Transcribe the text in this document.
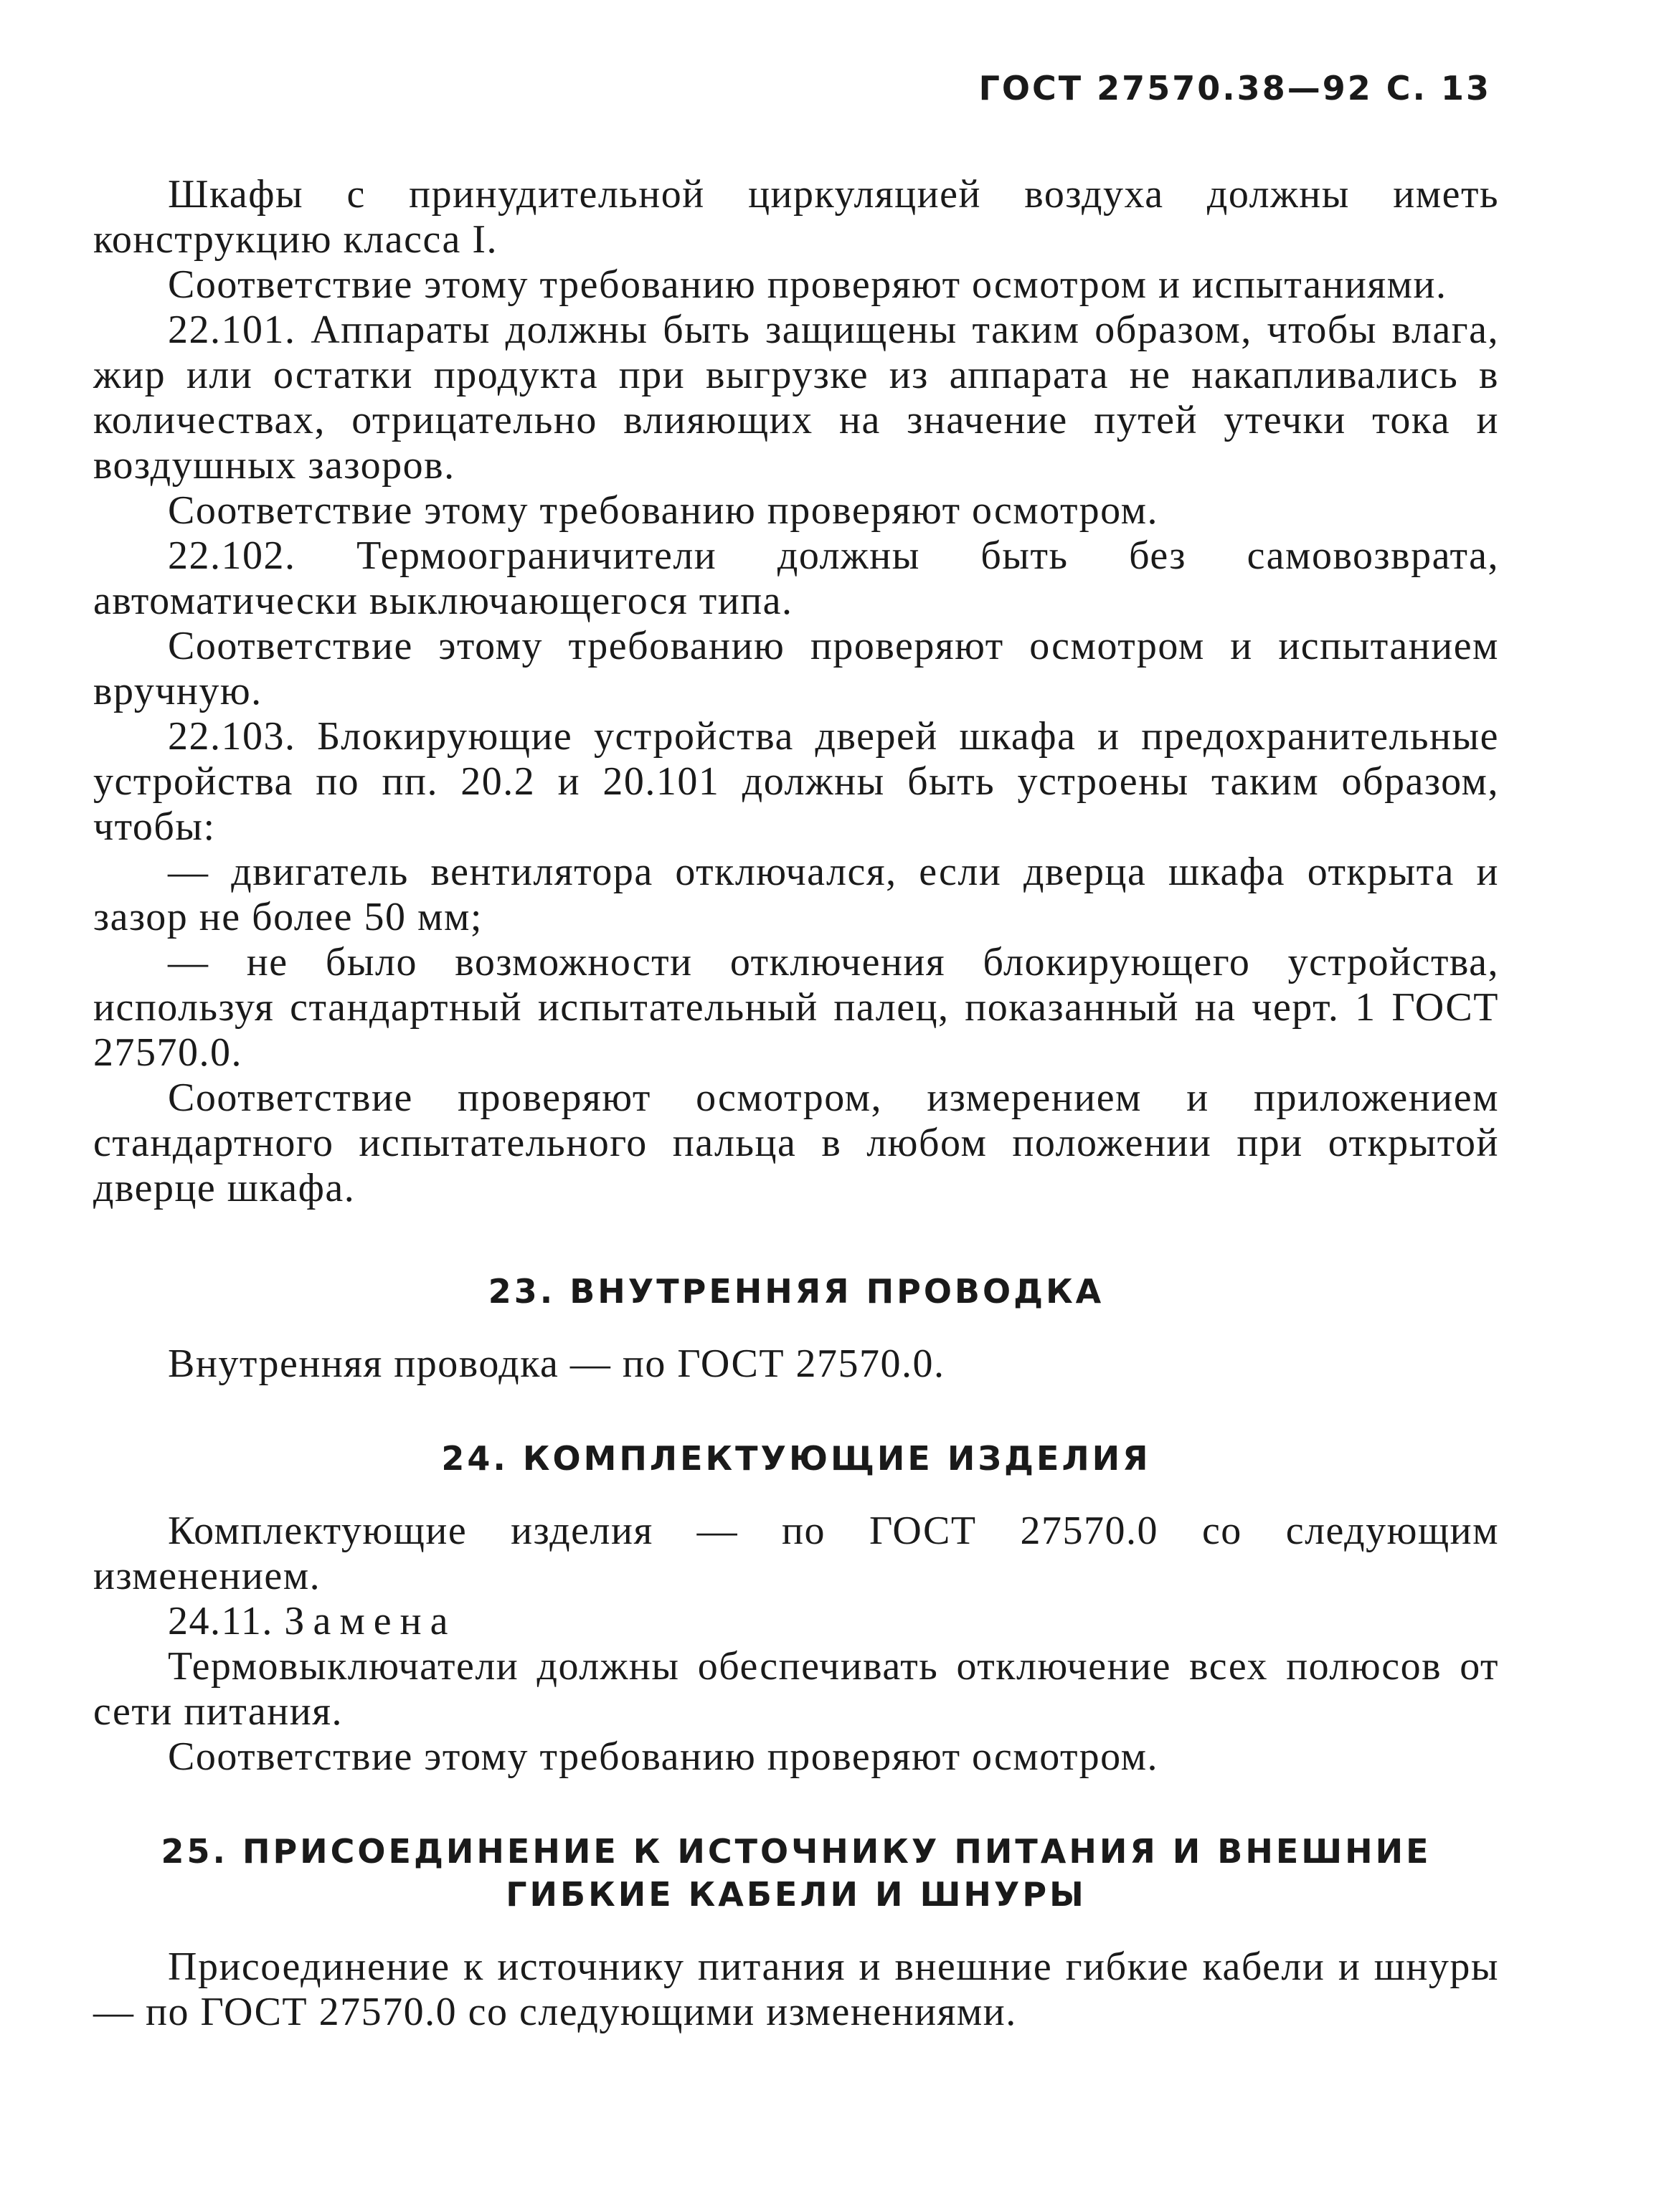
ГОСТ 27570.38—92 С. 13

Шкафы с принудительной циркуляцией воздуха должны иметь конструкцию класса I.

Соответствие этому требованию проверяют осмотром и испытаниями.

22.101. Аппараты должны быть защищены таким образом, чтобы влага, жир или остатки продукта при выгрузке из аппарата не накапливались в количествах, отрицательно влияющих на значение путей утечки тока и воздушных зазоров.

Соответствие этому требованию проверяют осмотром.

22.102. Термоограничители должны быть без самовозврата, автоматически выключающегося типа.

Соответствие этому требованию проверяют осмотром и испытанием вручную.

22.103. Блокирующие устройства дверей шкафа и предохранительные устройства по пп. 20.2 и 20.101 должны быть устроены таким образом, чтобы:

— двигатель вентилятора отключался, если дверца шкафа открыта и зазор не более 50 мм;

— не было возможности отключения блокирующего устройства, используя стандартный испытательный палец, показанный на черт. 1 ГОСТ 27570.0.

Соответствие проверяют осмотром, измерением и приложением стандартного испытательного пальца в любом положении при открытой дверце шкафа.

23. ВНУТРЕННЯЯ ПРОВОДКА

Внутренняя проводка — по ГОСТ 27570.0.

24. КОМПЛЕКТУЮЩИЕ ИЗДЕЛИЯ

Комплектующие изделия — по ГОСТ 27570.0 со следующим изменением.

24.11. Замена

Термовыключатели должны обеспечивать отключение всех полюсов от сети питания.

Соответствие этому требованию проверяют осмотром.

25. ПРИСОЕДИНЕНИЕ К ИСТОЧНИКУ ПИТАНИЯ И ВНЕШНИЕ

ГИБКИЕ КАБЕЛИ И ШНУРЫ

Присоединение к источнику питания и внешние гибкие кабели и шнуры — по ГОСТ 27570.0 со следующими изменениями.
